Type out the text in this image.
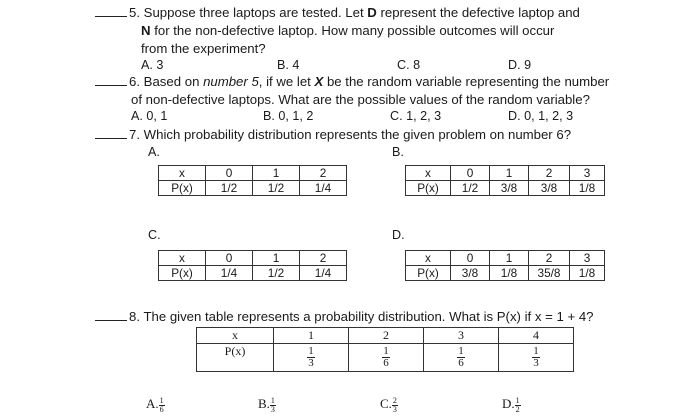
5. Suppose three laptops are tested. Let D represent the defective laptop and
N for the non-defective laptop. How many possible outcomes will occur
from the experiment?
A. 3	B. 4	C. 8	D. 9
6. Based on number 5, if we let X be the random variable representing the number
of non-defective laptops. What are the possible values of the random variable?
A. 0, 1	B. 0, 1, 2	C. 1, 2, 3	D. 0, 1, 2, 3
7. Which probability distribution represents the given problem on number 6?
A.	B.
x	0	1	2
P(x)	1/2	1/2	1/4
x	0	1	2	3
P(x)	1/2	3/8	3/8	1/8
C.	D.
x	0	1	2
P(x)	1/4	1/2	1/4
x	0	1	2	3
P(x)	3/8	1/8	35/8	1/8
8. The given table represents a probability distribution. What is P(x) if x = 1 + 4?
x	1	2	3	4
P(x)	$\frac{1}{3}$	$\frac{1}{6}$	$\frac{1}{6}$	$\frac{1}{3}$
A. $\frac{1}{6}$	B. $\frac{1}{3}$	C. $\frac{2}{3}$	D. $\frac{1}{2}$
